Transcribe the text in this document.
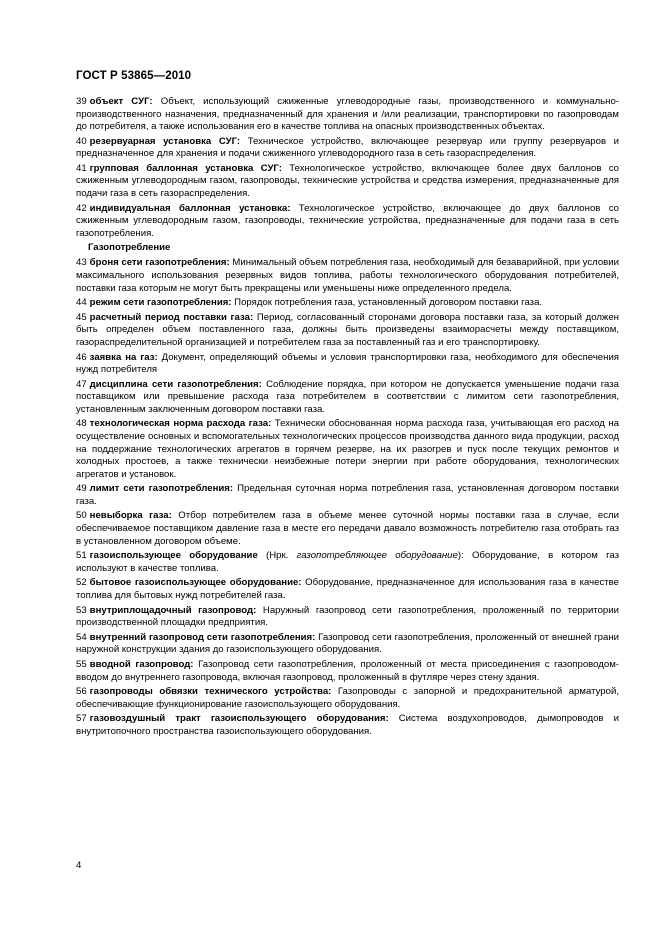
ГОСТ Р 53865—2010

39 объект СУГ: Объект, использующий сжиженные углеводородные газы, производственного и коммунально-производственного назначения, предназначенный для хранения и /или реализации, транспортировки по газопроводам до потребителя, а также использования его в качестве топлива на опасных производственных объектах.

40 резервуарная установка СУГ: Техническое устройство, включающее резервуар или группу резервуаров и предназначенное для хранения и подачи сжиженного углеводородного газа в сеть газораспределения.

41 групповая баллонная установка СУГ: Технологическое устройство, включающее более двух баллонов со сжиженным углеводородным газом, газопроводы, технические устройства и средства измерения, предназначенные для подачи газа в сеть газораспределения.

42 индивидуальная баллонная установка: Технологическое устройство, включающее до двух баллонов со сжиженным углеводородным газом, газопроводы, технические устройства, предназначенные для подачи газа в сеть газопотребления.

Газопотребление

43 броня сети газопотребления: Минимальный объем потребления газа, необходимый для безаварийной, при условии максимального использования резервных видов топлива, работы технологического оборудования потребителей, поставки газа которым не могут быть прекращены или уменьшены ниже определенного предела.

44 режим сети газопотребления: Порядок потребления газа, установленный договором поставки газа.

45 расчетный период поставки газа: Период, согласованный сторонами договора поставки газа, за который должен быть определен объем поставленного газа, должны быть произведены взаиморасчеты между поставщиком, газораспределительной организацией и потребителем газа за поставленный газ и его транспортировку.

46 заявка на газ: Документ, определяющий объемы и условия транспортировки газа, необходимого для обеспечения нужд потребителя

47 дисциплина сети газопотребления: Соблюдение порядка, при котором не допускается уменьшение подачи газа поставщиком или превышение расхода газа потребителем в соответствии с лимитом сети газопотребления, установленным заключенным договором поставки газа.

48 технологическая норма расхода газа: Технически обоснованная норма расхода газа, учитывающая его расход на осуществление основных и вспомогательных технологических процессов производства данного вида продукции, расход на поддержание технологических агрегатов в горячем резерве, на их разогрев и пуск после текущих ремонтов и холодных простоев, а также технически неизбежные потери энергии при работе оборудования, технологических агрегатов и установок.

49 лимит сети газопотребления: Предельная суточная норма потребления газа, установленная договором поставки газа.

50 невыборка газа: Отбор потребителем газа в объеме менее суточной нормы поставки газа в случае, если обеспечиваемое поставщиком давление газа в месте его передачи давало возможность потребителю газа отобрать газ в установленном договором объеме.

51 газоиспользующее оборудование (Нрк. газопотребляющее оборудование): Оборудование, в котором газ используют в качестве топлива.

52 бытовое газоиспользующее оборудование: Оборудование, предназначенное для использования газа в качестве топлива для бытовых нужд потребителей газа.

53 внутриплощадочный газопровод: Наружный газопровод сети газопотребления, проложенный по территории производственной площадки предприятия.

54 внутренний газопровод сети газопотребления: Газопровод сети газопотребления, проложенный от внешней грани наружной конструкции здания до газоиспользующего оборудования.

55 вводной газопровод: Газопровод сети газопотребления, проложенный от места присоединения с газопроводом-вводом до внутреннего газопровода, включая газопровод, проложенный в футляре через стену здания.

56 газопроводы обвязки технического устройства: Газопроводы с запорной и предохранительной арматурой, обеспечивающие функционирование газоиспользующего оборудования.

57 газовоздушный тракт газоиспользующего оборудования: Система воздухопроводов, дымопроводов и внутритопочного пространства газоиспользующего оборудования.

4
